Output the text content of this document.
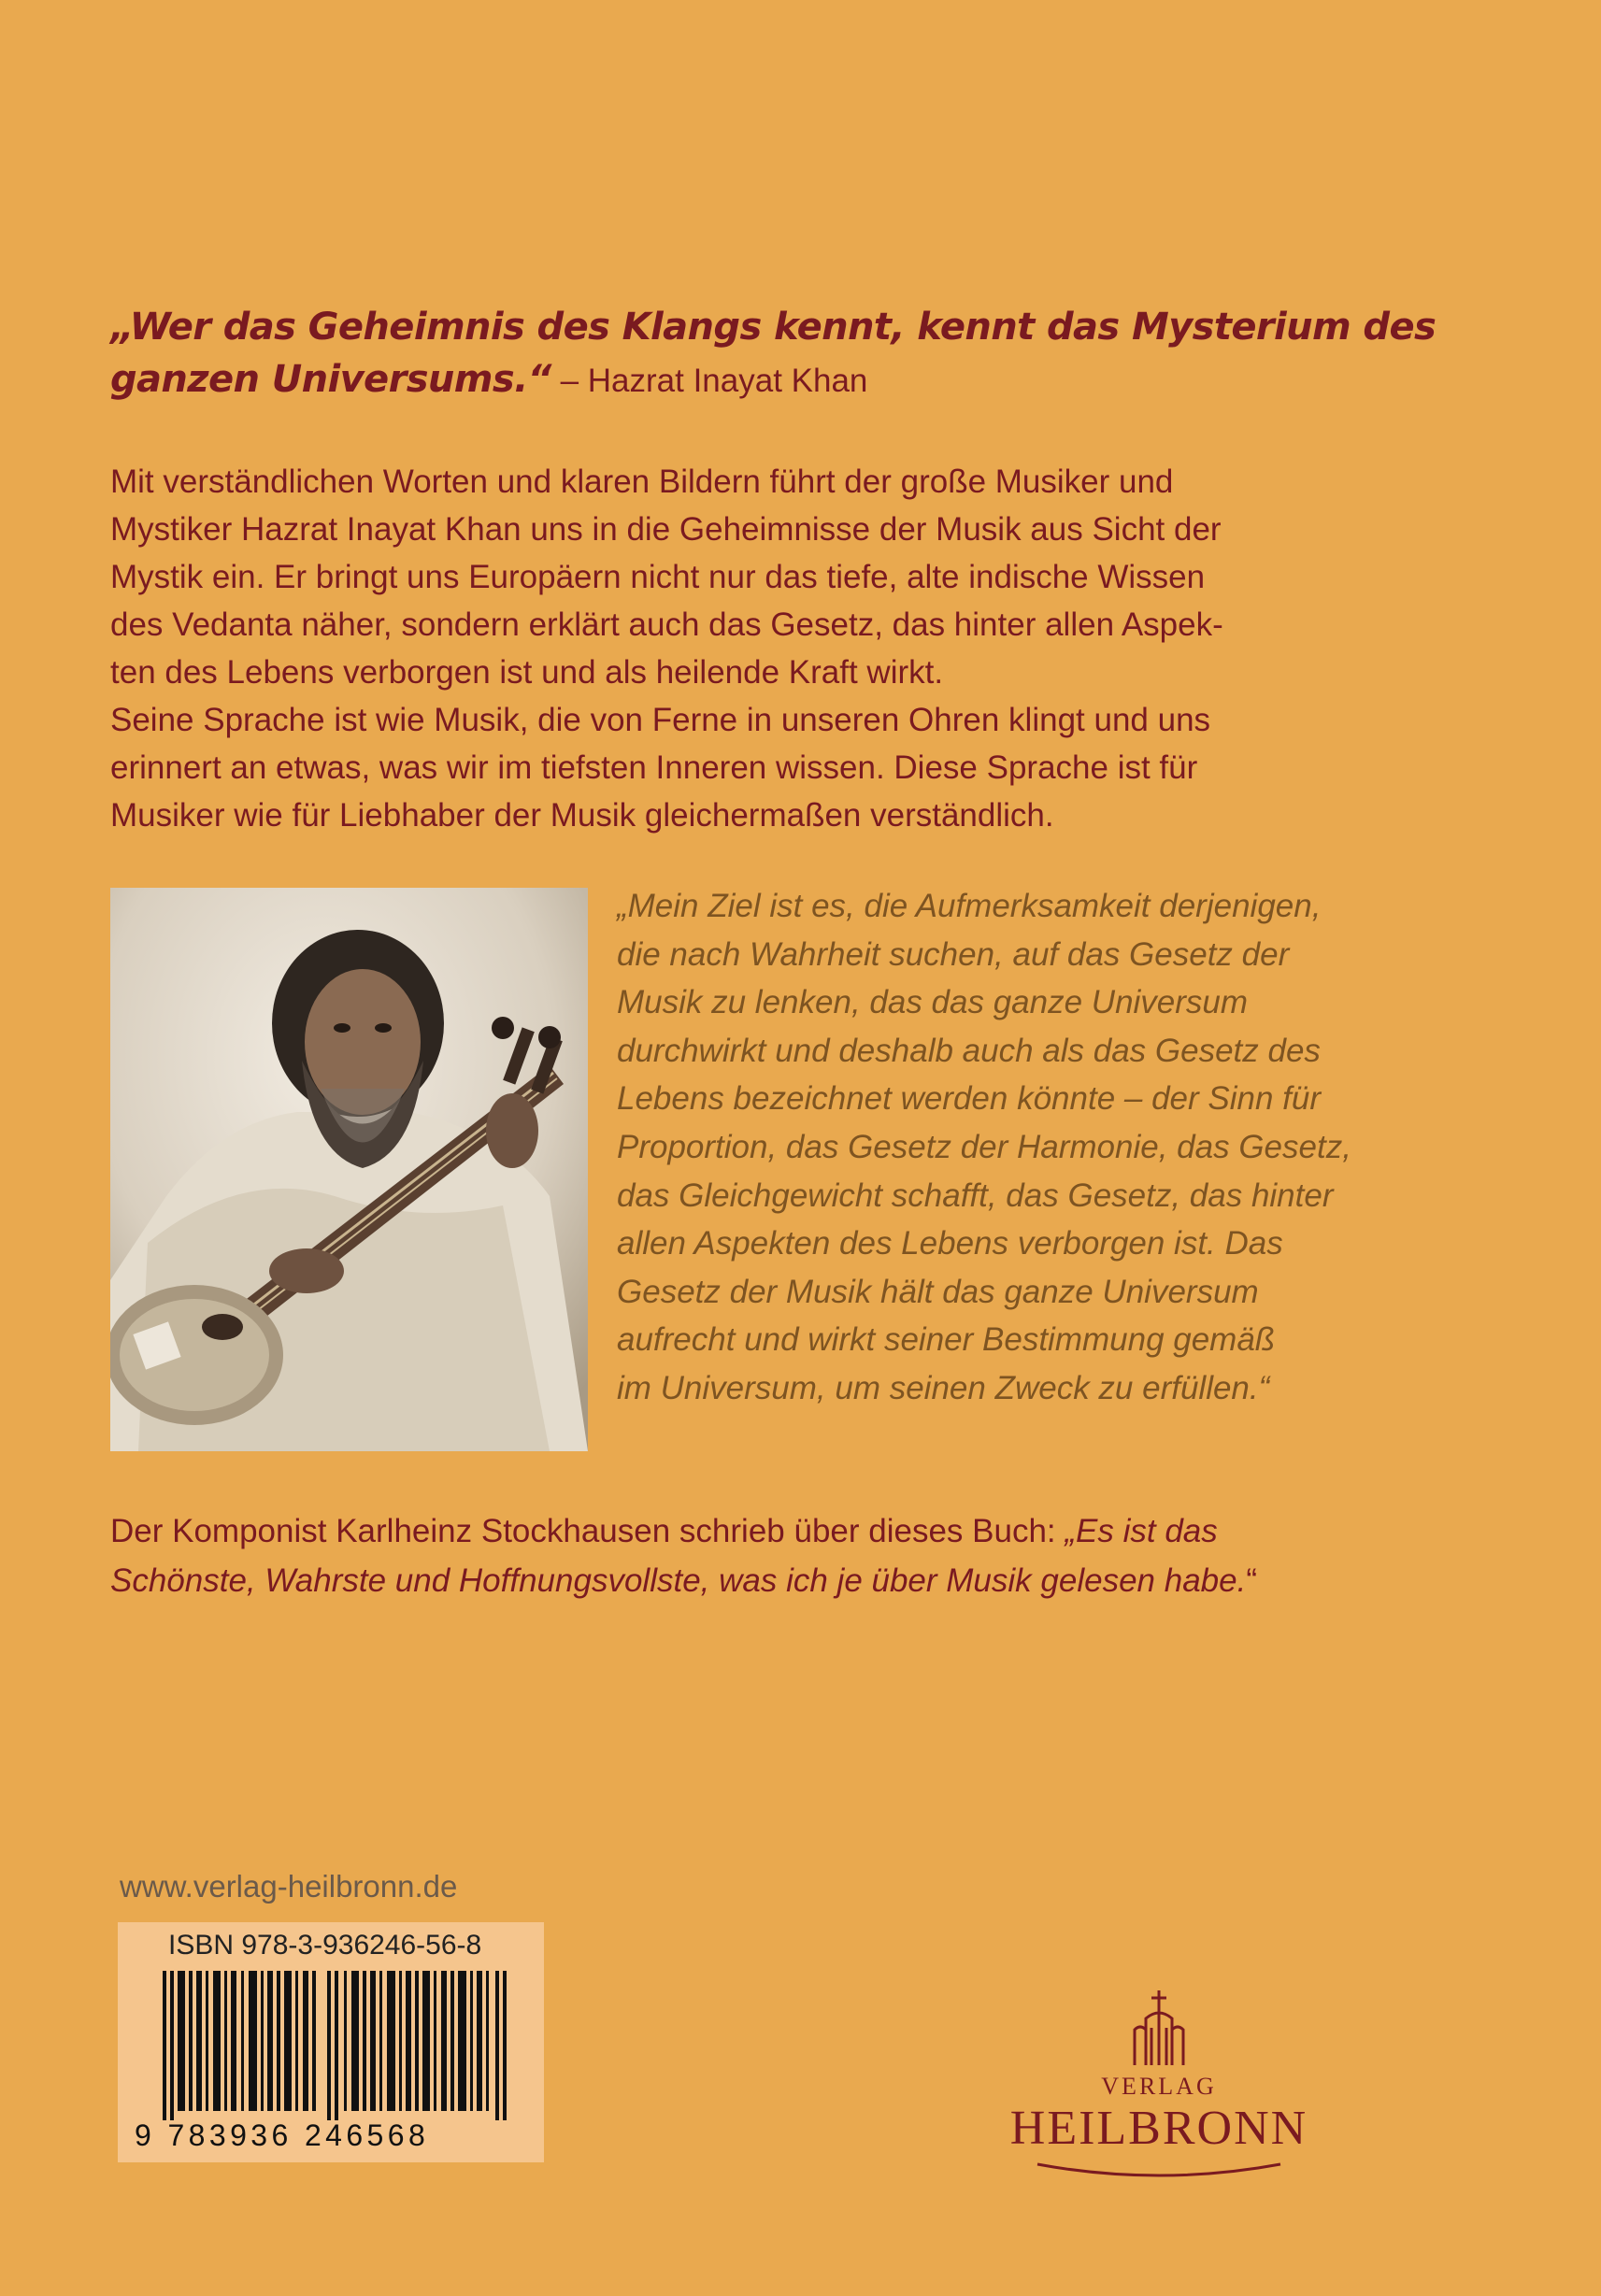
„Wer das Geheimnis des Klangs kennt, kennt das Mysterium des
ganzen Universums.“ – Hazrat Inayat Khan
Mit verständlichen Worten und klaren Bildern führt der große Musiker und
Mystiker Hazrat Inayat Khan uns in die Geheimnisse der Musik aus Sicht der
Mystik ein. Er bringt uns Europäern nicht nur das tiefe, alte indische Wissen
des Vedanta näher, sondern erklärt auch das Gesetz, das hinter allen Aspek-
ten des Lebens verborgen ist und als heilende Kraft wirkt.
Seine Sprache ist wie Musik, die von Ferne in unseren Ohren klingt und uns
erinnert an etwas, was wir im tiefsten Inneren wissen. Diese Sprache ist für
Musiker wie für Liebhaber der Musik gleichermaßen verständlich.
„Mein Ziel ist es, die Aufmerksamkeit derjenigen,
die nach Wahrheit suchen, auf das Gesetz der
Musik zu lenken, das das ganze Universum
durchwirkt und deshalb auch als das Gesetz des
Lebens bezeichnet werden könnte – der Sinn für
Proportion, das Gesetz der Harmonie, das Gesetz,
das Gleichgewicht schafft, das Gesetz, das hinter
allen Aspekten des Lebens verborgen ist. Das
Gesetz der Musik hält das ganze Universum
aufrecht und wirkt seiner Bestimmung gemäß
im Universum, um seinen Zweck zu erfüllen.“
Der Komponist Karlheinz Stockhausen schrieb über dieses Buch: „Es ist das
Schönste, Wahrste und Hoffnungsvollste, was ich je über Musik gelesen habe.“
www.verlag-heilbronn.de
ISBN 978-3-936246-56-8
9 783936 246568
VERLAG
HEILBRONN
